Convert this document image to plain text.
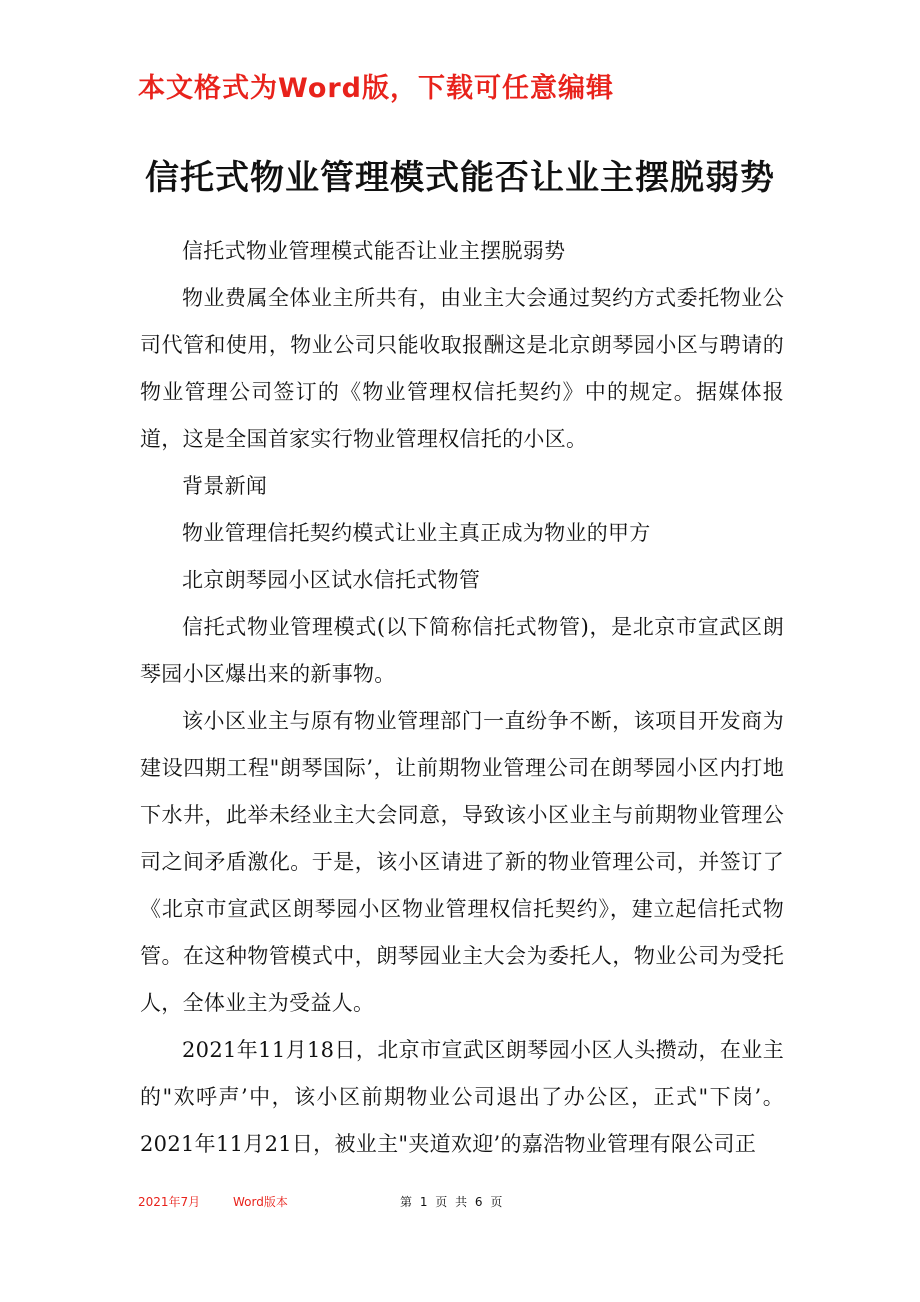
本文格式为Word版，下载可任意编辑
信托式物业管理模式能否让业主摆脱弱势

信托式物业管理模式能否让业主摆脱弱势

物业费属全体业主所共有，由业主大会通过契约方式委托物业公司代管和使用，物业公司只能收取报酬这是北京朗琴园小区与聘请的物业管理公司签订的《物业管理权信托契约》中的规定。据媒体报道，这是全国首家实行物业管理权信托的小区。

背景新闻

物业管理信托契约模式让业主真正成为物业的甲方

北京朗琴园小区试水信托式物管

信托式物业管理模式(以下简称信托式物管)，是北京市宣武区朗琴园小区爆出来的新事物。

该小区业主与原有物业管理部门一直纷争不断，该项目开发商为建设四期工程"朗琴国际’，让前期物业管理公司在朗琴园小区内打地下水井，此举未经业主大会同意，导致该小区业主与前期物业管理公司之间矛盾激化。于是，该小区请进了新的物业管理公司，并签订了《北京市宣武区朗琴园小区物业管理权信托契约》，建立起信托式物管。在这种物管模式中，朗琴园业主大会为委托人，物业公司为受托人，全体业主为受益人。

2021年11月18日，北京市宣武区朗琴园小区人头攒动，在业主的"欢呼声’中，该小区前期物业公司退出了办公区，正式"下岗’。2021年11月21日，被业主"夹道欢迎’的嘉浩物业管理有限公司正

2021年7月	Word版本	第 1 页 共 6 页
